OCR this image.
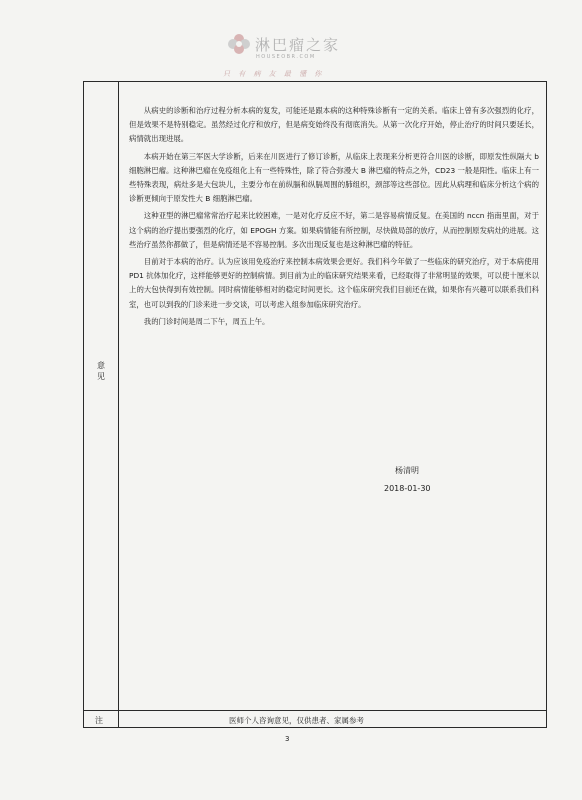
淋巴瘤之家
HOUSEOBR.COM
只 有 病 友 最 懂 你
意见
注

从病史的诊断和治疗过程分析本病的复发，可能还是跟本病的这种特殊诊断有一定的关系。临床上曾有多次强烈的化疗，但是效果不是特别稳定。虽然经过化疗和放疗，但是病变始终没有彻底消失。从第一次化疗开始，停止治疗的时间只要延长，病情就出现进展。

本病开始在第三军医大学诊断，后来在川医进行了修订诊断，从临床上表现来分析更符合川医的诊断，即原发性纵隔大 b 细胞淋巴瘤。这种淋巴瘤在免疫组化上有一些特殊性，除了符合弥漫大 B 淋巴瘤的特点之外，CD23 一般是阳性。临床上有一些特殊表现，病灶多是大包块儿，主要分布在前纵膈和纵膈周围的肺组织，颈部等这些部位。因此从病理和临床分析这个病的诊断更倾向于原发性大 B 细胞淋巴瘤。

这种亚型的淋巴瘤常常治疗起来比较困难，一是对化疗反应不好，第二是容易病情反复。在美国的 nccn 指南里面，对于这个病的治疗提出要强烈的化疗，如 EPOGH 方案。如果病情能有所控制，尽快做局部的放疗，从而控制原发病灶的进展。这些治疗虽然你都做了，但是病情还是不容易控制。多次出现反复也是这种淋巴瘤的特征。

目前对于本病的治疗。认为应该用免疫治疗来控制本病效果会更好。我们科今年做了一些临床的研究治疗，对于本病使用 PD1 抗体加化疗，这样能够更好的控制病情。到目前为止的临床研究结果来看，已经取得了非常明显的效果，可以使十厘米以上的大包快得到有效控制。同时病情能够相对的稳定时间更长。这个临床研究我们目前还在做，如果你有兴趣可以联系我们科室，也可以到我的门诊来进一步交谈，可以考虑入组参加临床研究治疗。

我的门诊时间是周二下午，周五上午。

杨清明
2018-01-30
医师个人咨询意见，仅供患者、家属参考
3
